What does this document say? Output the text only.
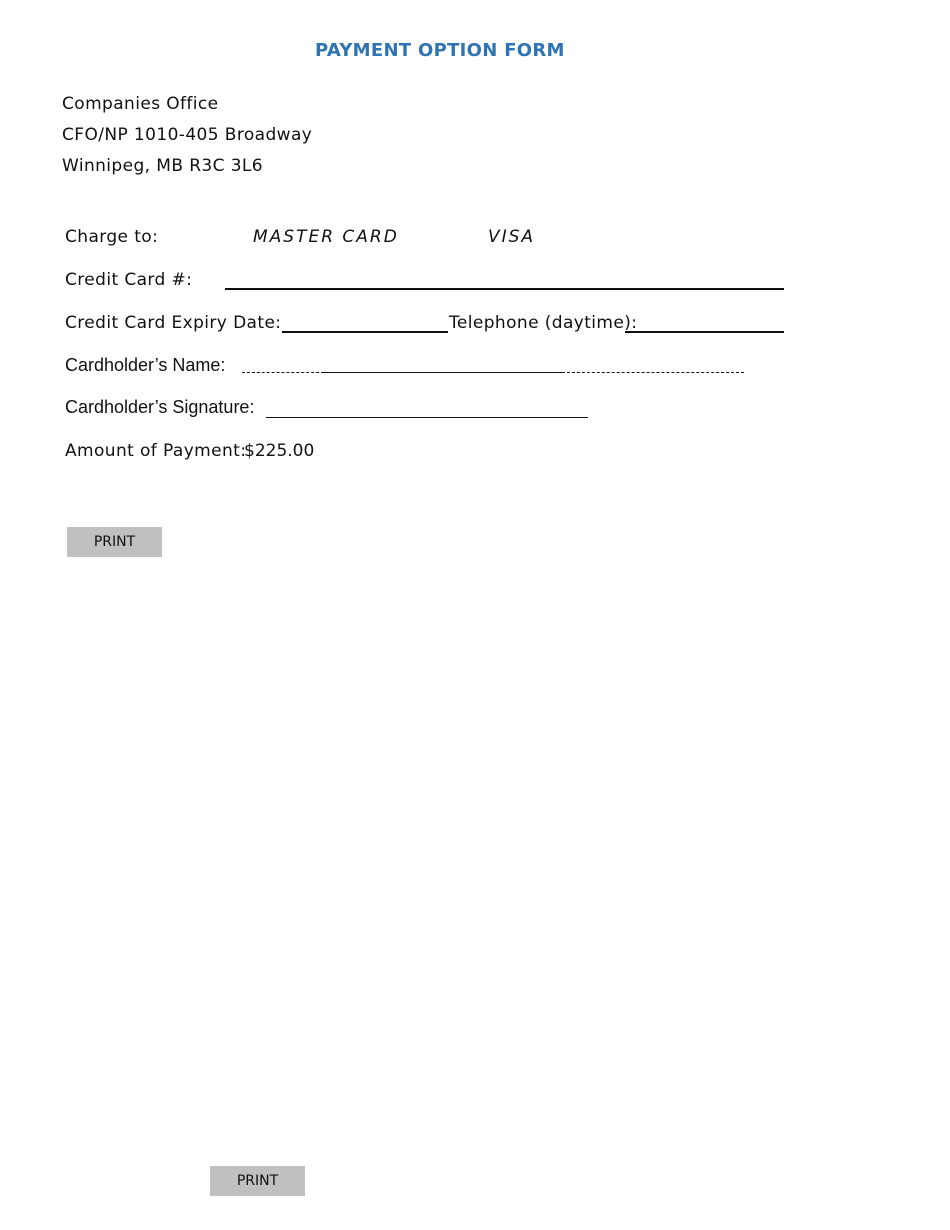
PAYMENT OPTION FORM
Companies Office
CFO/NP 1010-405 Broadway
Winnipeg, MB R3C 3L6
Charge to:	MASTER CARD	VISA
Credit Card #:
Credit Card Expiry Date:	Telephone (daytime):
Cardholder’s Name:
Cardholder’s Signature:
Amount of Payment:
$225.00
PRINT
PRINT
